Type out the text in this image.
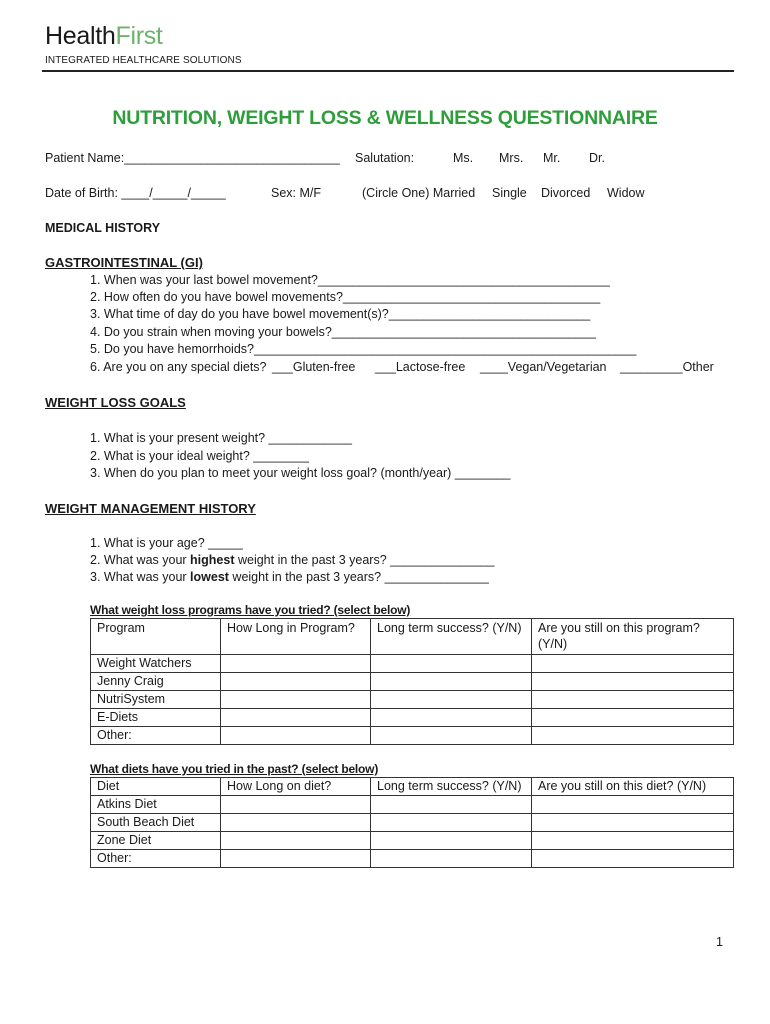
HealthFirst
INTEGRATED HEALTHCARE SOLUTIONS
NUTRITION, WEIGHT LOSS & WELLNESS QUESTIONNAIRE
Patient Name:_______________________________ Salutation:	Ms. Mrs. Mr. Dr.
Date of Birth: ____/_____/_____	Sex: M/F	(Circle One) Married Single Divorced Widow
MEDICAL HISTORY
GASTROINTESTINAL (GI)
1. When was your last bowel movement?__________________________________________
2. How often do you have bowel movements?_____________________________________
3. What time of day do you have bowel movement(s)?_____________________________
4. Do you strain when moving your bowels?______________________________________
5. Do you have hemorrhoids?_______________________________________________________
6. Are you on any special diets? ___Gluten-free ___Lactose-free ____Vegan/Vegetarian _________Other
WEIGHT LOSS GOALS
1. What is your present weight? ____________
2. What is your ideal weight? ________
3. When do you plan to meet your weight loss goal? (month/year) ________
WEIGHT MANAGEMENT HISTORY
1. What is your age? _____
2. What was your highest weight in the past 3 years? _______________
3. What was your lowest weight in the past 3 years? _______________
What weight loss programs have you tried? (select below)
Program	How Long in Program?	Long term success? (Y/N)	Are you still on this program? (Y/N)
Weight Watchers			
Jenny Craig			
NutriSystem			
E-Diets			
Other:			
What diets have you tried in the past? (select below)
Diet	How Long on diet?	Long term success? (Y/N)	Are you still on this diet? (Y/N)
Atkins Diet			
South Beach Diet			
Zone Diet			
Other:			
1
